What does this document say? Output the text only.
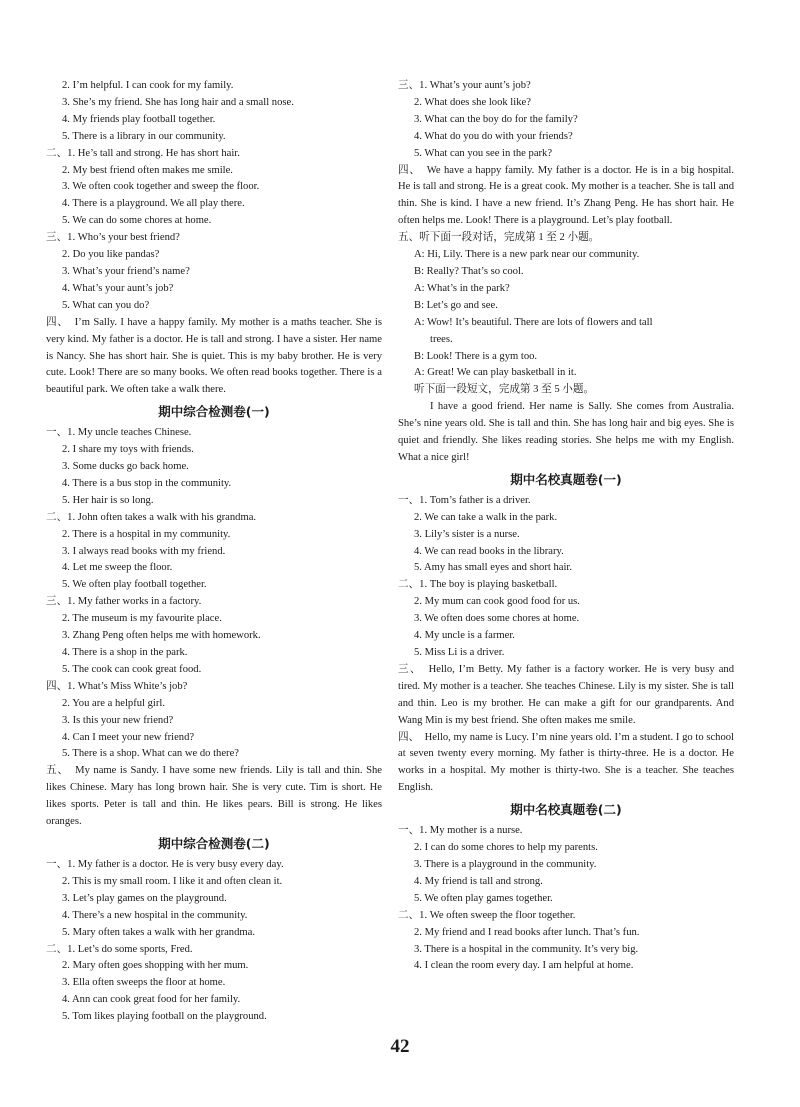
2. I’m helpful. I can cook for my family.
3. She’s my friend. She has long hair and a small nose.
4. My friends play football together.
5. There is a library in our community.
二、1. He’s tall and strong. He has short hair.
2. My best friend often makes me smile.
3. We often cook together and sweep the floor.
4. There is a playground. We all play there.
5. We can do some chores at home.
三、1. Who’s your best friend?
2. Do you like pandas?
3. What’s your friend’s name?
4. What’s your aunt’s job?
5. What can you do?
四、　I’m Sally. I have a happy family. My mother is a maths teacher. She is very kind. My father is a doctor. He is tall and strong. I have a sister. Her name is Nancy. She has short hair. She is quiet. This is my baby brother. He is very cute. Look! There are so many books. We often read books together. There is a beautiful park. We often take a walk there.
期中综合检测卷(一)
一、1. My uncle teaches Chinese.
2. I share my toys with friends.
3. Some ducks go back home.
4. There is a bus stop in the community.
5. Her hair is so long.
二、1. John often takes a walk with his grandma.
2. There is a hospital in my community.
3. I always read books with my friend.
4. Let me sweep the floor.
5. We often play football together.
三、1. My father works in a factory.
2. The museum is my favourite place.
3. Zhang Peng often helps me with homework.
4. There is a shop in the park.
5. The cook can cook great food.
四、1. What’s Miss White’s job?
2. You are a helpful girl.
3. Is this your new friend?
4. Can I meet your new friend?
5. There is a shop. What can we do there?
五、　My name is Sandy. I have some new friends. Lily is tall and thin. She likes Chinese. Mary has long brown hair. She is very cute. Tim is short. He likes sports. Peter is tall and thin. He likes pears. Bill is strong. He likes oranges.
期中综合检测卷(二)
一、1. My father is a doctor. He is very busy every day.
2. This is my small room. I like it and often clean it.
3. Let’s play games on the playground.
4. There’s a new hospital in the community.
5. Mary often takes a walk with her grandma.
二、1. Let’s do some sports, Fred.
2. Mary often goes shopping with her mum.
3. Ella often sweeps the floor at home.
4. Ann can cook great food for her family.
5. Tom likes playing football on the playground.
三、1. What’s your aunt’s job?
2. What does she look like?
3. What can the boy do for the family?
4. What do you do with your friends?
5. What can you see in the park?
四、　We have a happy family. My father is a doctor. He is in a big hospital. He is tall and strong. He is a great cook. My mother is a teacher. She is tall and thin. She is kind. I have a new friend. It’s Zhang Peng. He has short hair. He often helps me. Look! There is a playground. Let’s play football.
五、听下面一段对话，完成第 1 至 2 小题。
A: Hi, Lily. There is a new park near our community.
B: Really? That’s so cool.
A: What’s in the park?
B: Let’s go and see.
A: Wow! It’s beautiful. There are lots of flowers and tall
trees.
B: Look! There is a gym too.
A: Great! We can play basketball in it.
听下面一段短文，完成第 3 至 5 小题。
I have a good friend. Her name is Sally. She comes from Australia. She’s nine years old. She is tall and thin. She has long hair and big eyes. She is quiet and friendly. She likes reading stories. She helps me with my English. What a nice girl!
期中名校真题卷(一)
一、1. Tom’s father is a driver.
2. We can take a walk in the park.
3. Lily’s sister is a nurse.
4. We can read books in the library.
5. Amy has small eyes and short hair.
二、1. The boy is playing basketball.
2. My mum can cook good food for us.
3. We often does some chores at home.
4. My uncle is a farmer.
5. Miss Li is a driver.
三、　Hello, I’m Betty. My father is a factory worker. He is very busy and tired. My mother is a teacher. She teaches Chinese. Lily is my sister. She is tall and thin. Leo is my brother. He can make a gift for our grandparents. And Wang Min is my best friend. She often makes me smile.
四、　Hello, my name is Lucy. I’m nine years old. I’m a student. I go to school at seven twenty every morning. My father is thirty-three. He is a doctor. He works in a hospital. My mother is thirty-two. She is a teacher. She teaches English.
期中名校真题卷(二)
一、1. My mother is a nurse.
2. I can do some chores to help my parents.
3. There is a playground in the community.
4. My friend is tall and strong.
5. We often play games together.
二、1. We often sweep the floor together.
2. My friend and I read books after lunch. That’s fun.
3. There is a hospital in the community. It’s very big.
4. I clean the room every day. I am helpful at home.
42
